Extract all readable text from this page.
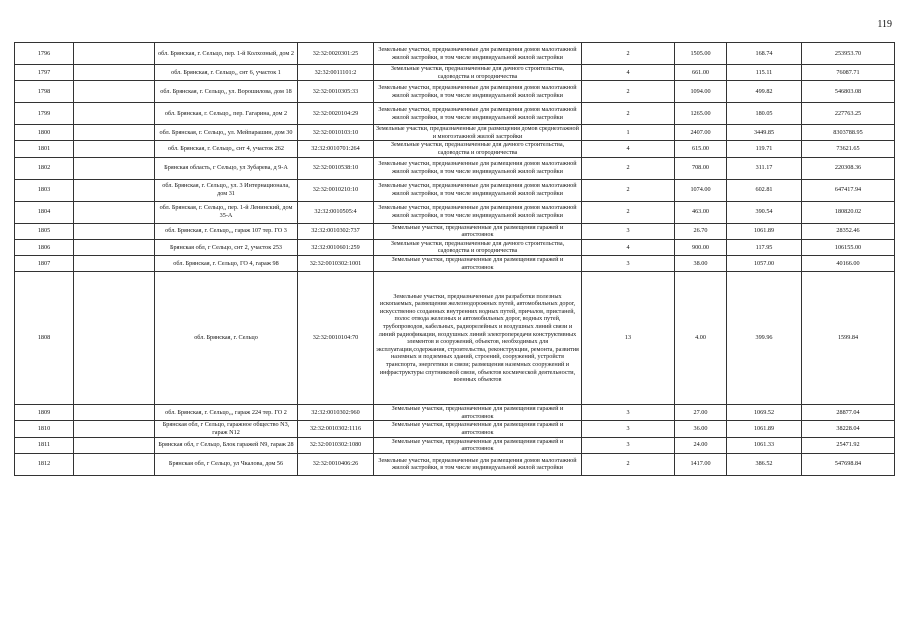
119
1796		обл. Брянская, г. Сельцо, пер. 1-й Колхозный, дом 2	32:32:0020301:25	Земельные участки, предназначенные для размещения домов малоэтажной жилой застройки, в том числе индивидуальной жилой застройки	2	1505.00	168.74	253953.70
1797		обл. Брянская, г. Сельцо,, снт 6, участок 1	32:32:0011101:2	Земельные участки, предназначенные для дачного строительства, садоводства и огородничества	4	661.00	115.11	76087.71
1798		обл. Брянская, г. Сельцо,, ул. Ворошилова, дом 18	32:32:0010305:33	Земельные участки, предназначенные для размещения домов малоэтажной жилой застройки, в том числе индивидуальной жилой застройки	2	1094.00	499.82	546803.08
1799		обл. Брянская, г. Сельцо,, пер. Гагарина, дом 2	32:32:0020104:29	Земельные участки, предназначенные для размещения домов малоэтажной жилой застройки, в том числе индивидуальной жилой застройки	2	1265.00	180.05	227763.25
1800		обл. Брянская, г. Сельцо,, ул. Мейпарашин, дом 30	32:32:0010103:10	Земельные участки, предназначенные для размещения домов среднеэтажной и многоэтажной жилой застройки	1	2407.00	3449.85	8303788.95
1801		обл. Брянская, г. Сельцо,, снт 4, участок 262	32:32:0010701:264	Земельные участки, предназначенные для дачного строительства, садоводства и огородничества	4	615.00	119.71	73621.65
1802		Брянская область, г Сельцо, ул Зубарева, д 9-А	32:32:0010538:10	Земельные участки, предназначенные для размещения домов малоэтажной жилой застройки, в том числе индивидуальной жилой застройки	2	708.00	311.17	220308.36
1803		обл. Брянская, г. Сельцо,, ул. 3 Интернационала, дом 31	32:32:0010210:10	Земельные участки, предназначенные для размещения домов малоэтажной жилой застройки, в том числе индивидуальной жилой застройки	2	1074.00	602.81	647417.94
1804		обл. Брянская, г. Сельцо,, пер. 1-й Ленинский, дом 35-А	32:32:0010505:4	Земельные участки, предназначенные для размещения домов малоэтажной жилой застройки, в том числе индивидуальной жилой застройки	2	463.00	390.54	180820.02
1805		обл. Брянская, г. Сельцо,,, гараж 107 тер. ГО 3	32:32:0010302:737	Земельные участки, предназначенные для размещения гаражей и автостоянок	3	26.70	1061.89	28352.46
1806		Брянская обл, г Сельцо, снт 2, участок 253	32:32:0010601:259	Земельные участки, предназначенные для дачного строительства, садоводства и огородничества	4	900.00	117.95	106155.00
1807		обл. Брянская, г. Сельцо, ГО 4, гараж 98	32:32:0010302:1001	Земельные участки, предназначенные для размещения гаражей и автостоянок	3	38.00	1057.00	40166.00
1808		обл. Брянская, г. Сельцо	32:32:0010104:70	Земельные участки, предназначенные для разработки полезных ископаемых, размещения железнодорожных путей, автомобильных дорог, искусственно созданных внутренних водных путей, причалов, пристаней, полос отвода железных и автомобильных дорог, водных путей, трубопроводов, кабельных, радиорелейных и воздушных линий связи и линий радиофикации, воздушных линий электропередачи конструктивных элементов и сооружений, объектов, необходимых для эксплуатации,содержания, строительства, реконструкции, ремонта, развития наземных и подземных зданий, строений, сооружений, устройств транспорта, энергетики и связи; размещения наземных сооружений и инфраструктуры спутниковой связи, объектов космической деятельности, военных объектов	13	4.00	399.96	1599.84
1809		обл. Брянская, г. Сельцо,,, гараж 224 тер. ГО 2	32:32:0010302:960	Земельные участки, предназначенные для размещения гаражей и автостоянок	3	27.00	1069.52	28877.04
1810		Брянская обл, г Сельцо, гаражное общество N3, гараж N12	32:32:0010302:1116	Земельные участки, предназначенные для размещения гаражей и автостоянок	3	36.00	1061.89	38228.04
1811		Брянская обл, г Сельцо, Блок гаражей N9, гараж 28	32:32:0010302:1080	Земельные участки, предназначенные для размещения гаражей и автостоянок	3	24.00	1061.33	25471.92
1812		Брянская обл, г Сельцо, ул Чкалова, дом 56	32:32:0010406:26	Земельные участки, предназначенные для размещения домов малоэтажной жилой застройки, в том числе индивидуальной жилой застройки	2	1417.00	386.52	547698.84
